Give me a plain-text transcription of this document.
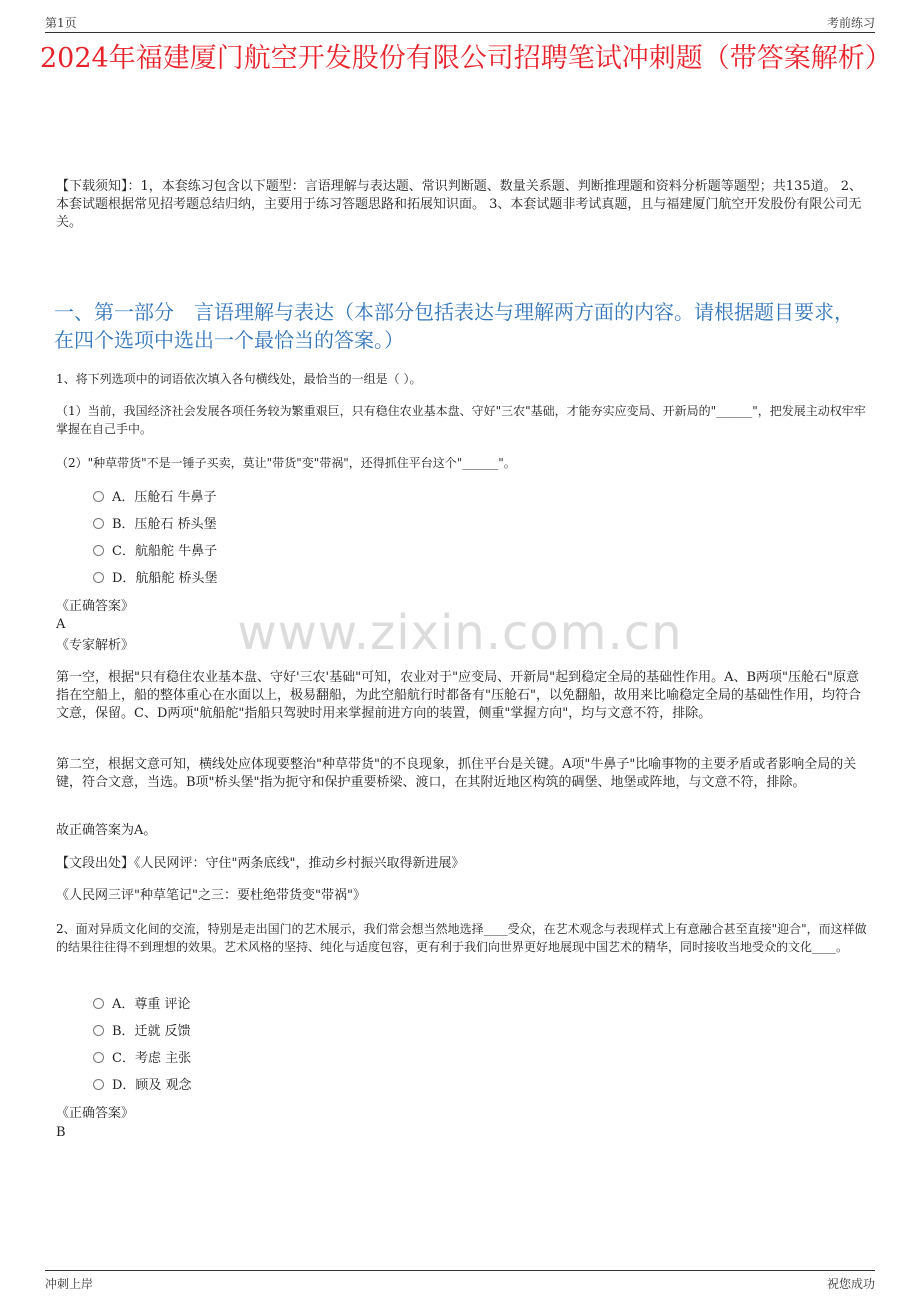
第1页	考前练习
2024年福建厦门航空开发股份有限公司招聘笔试冲刺题（带答案解析）
【下载须知】：1，本套练习包含以下题型：言语理解与表达题、常识判断题、数量关系题、判断推理题和资料分析题等题型；共135道。 2、本套试题根据常见招考题总结归纳，主要用于练习答题思路和拓展知识面。 3、本套试题非考试真题，且与福建厦门航空开发股份有限公司无关。
一、第一部分　言语理解与表达（本部分包括表达与理解两方面的内容。请根据题目要求，在四个选项中选出一个最恰当的答案。）
1、将下列选项中的词语依次填入各句横线处，最恰当的一组是（ ）。
（1）当前，我国经济社会发展各项任务较为繁重艰巨，只有稳住农业基本盘、守好"三农"基础，才能夯实应变局、开新局的"______"，把发展主动权牢牢掌握在自己手中。
（2）"种草带货"不是一锤子买卖，莫让"带货"变"带祸"，还得抓住平台这个"______"。
A．压舱石 牛鼻子
B．压舱石 桥头堡
C．航船舵 牛鼻子
D．航船舵 桥头堡
《正确答案》
A
《专家解析》	www.zixin.com.cn
第一空，根据"只有稳住农业基本盘、守好'三农'基础"可知，农业对于"应变局、开新局"起到稳定全局的基础性作用。A、B两项"压舱石"原意指在空船上，船的整体重心在水面以上，极易翻船，为此空船航行时都备有"压舱石"，以免翻船，故用来比喻稳定全局的基础性作用，均符合文意，保留。C、D两项"航船舵"指船只驾驶时用来掌握前进方向的装置，侧重"掌握方向"，均与文意不符，排除。
第二空，根据文意可知，横线处应体现要整治"种草带货"的不良现象，抓住平台是关键。A项"牛鼻子"比喻事物的主要矛盾或者影响全局的关键，符合文意，当选。B项"桥头堡"指为扼守和保护重要桥梁、渡口，在其附近地区构筑的碉堡、地堡或阵地，与文意不符，排除。
故正确答案为A。
【文段出处】《人民网评：守住"两条底线"，推动乡村振兴取得新进展》
《人民网三评"种草笔记"之三：要杜绝带货变"带祸"》
2、面对异质文化间的交流，特别是走出国门的艺术展示，我们常会想当然地选择____受众，在艺术观念与表现样式上有意融合甚至直接"迎合"，而这样做的结果往往得不到理想的效果。艺术风格的坚持、纯化与适度包容，更有利于我们向世界更好地展现中国艺术的精华，同时接收当地受众的文化____。
A．尊重 评论
B．迁就 反馈
C．考虑 主张
D．顾及 观念
《正确答案》
B
冲刺上岸	祝您成功
